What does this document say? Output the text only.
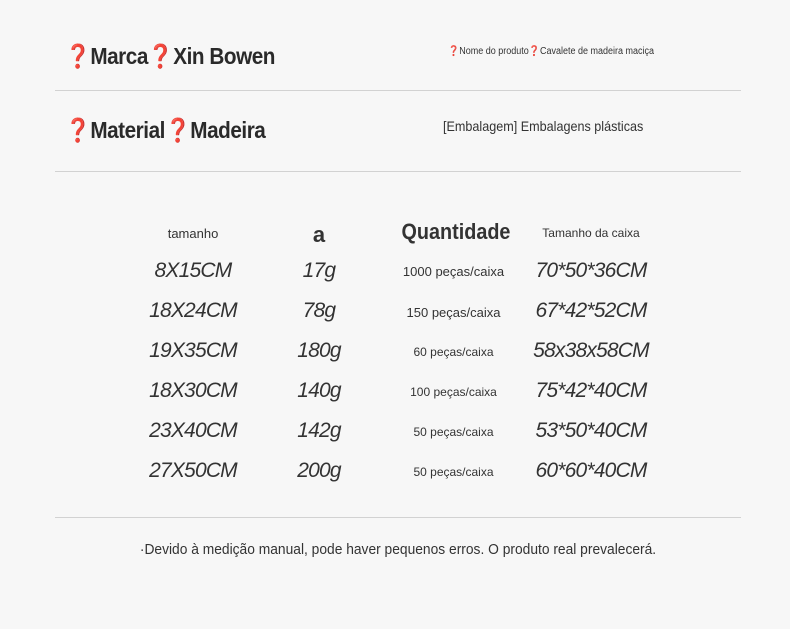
❓Marca❓Xin Bowen	❓Nome do produto❓Cavalete de madeira maciça
❓Material❓Madeira	[Embalagem] Embalagens plásticas
tamanho	a	Quantidade	Tamanho da caixa
8X15CM	17g	1000 peças/caixa	70*50*36CM
18X24CM	78g	150 peças/caixa	67*42*52CM
19X35CM	180g	60 peças/caixa	58x38x58CM
18X30CM	140g	100 peças/caixa	75*42*40CM
23X40CM	142g	50 peças/caixa	53*50*40CM
27X50CM	200g	50 peças/caixa	60*60*40CM
·Devido à medição manual, pode haver pequenos erros. O produto real prevalecerá.
